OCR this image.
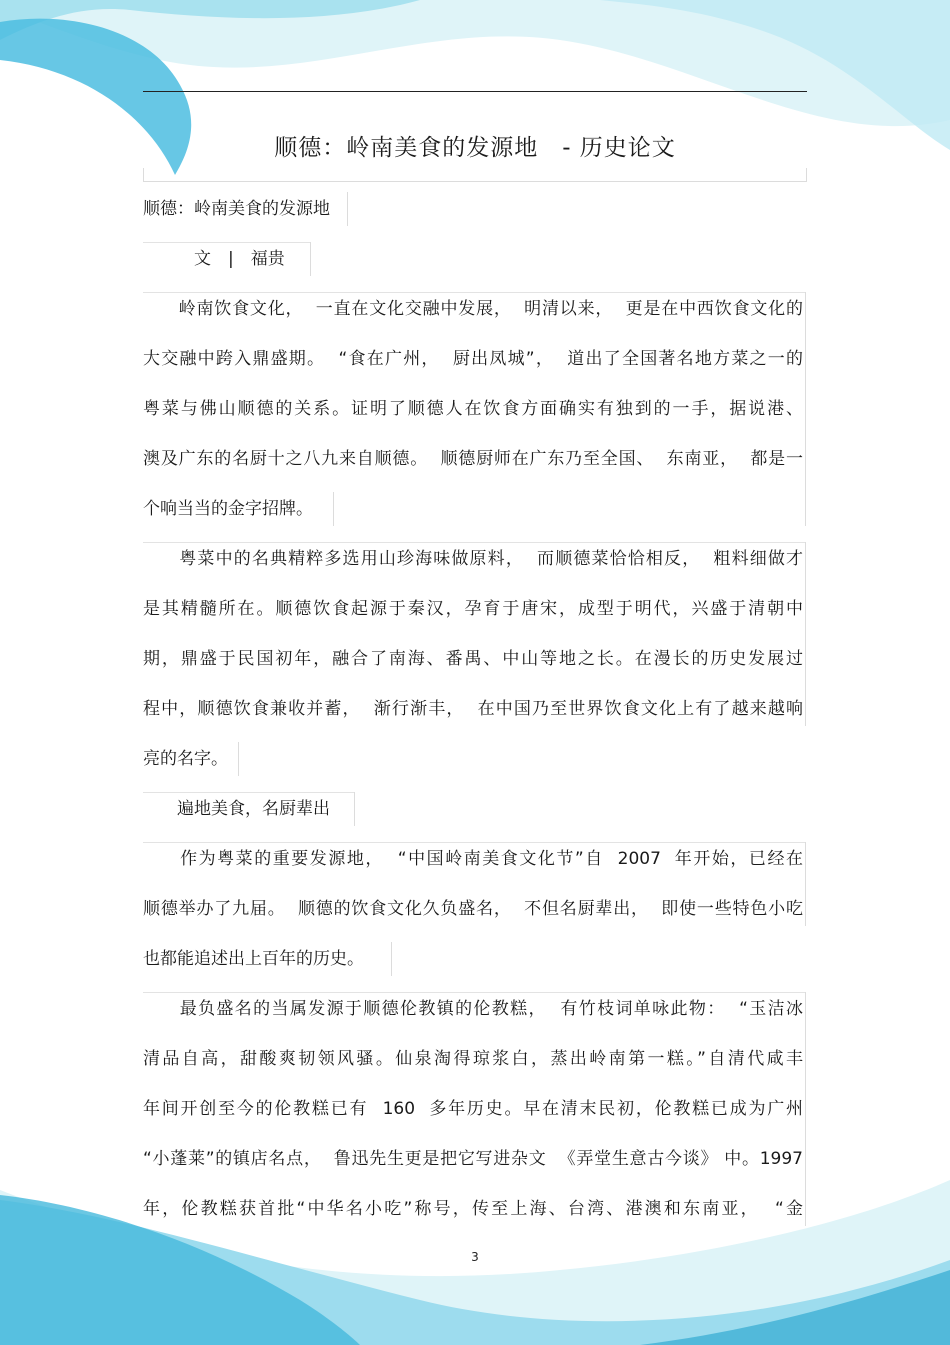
顺德：岭南美食的发源地　- 历史论文
顺德：岭南美食的发源地
　　　文　|　福贵
　　岭南饮食文化，  一直在文化交融中发展，  明清以来，  更是在中西饮食文化的
大交融中跨入鼎盛期。  “食在广州，  厨出凤城”，  道出了全国著名地方菜之一的
粤菜与佛山顺德的关系。证明了顺德人在饮食方面确实有独到的一手，据说港、
澳及广东的名厨十之八九来自顺德。  顺德厨师在广东乃至全国、  东南亚，  都是一
个响当当的金字招牌。
　　粤菜中的名典精粹多选用山珍海味做原料，  而顺德菜恰恰相反，  粗料细做才
是其精髓所在。顺德饮食起源于秦汉，孕育于唐宋，成型于明代，兴盛于清朝中
期，鼎盛于民国初年，融合了南海、番禺、中山等地之长。在漫长的历史发展过
程中，顺德饮食兼收并蓄，  渐行渐丰，  在中国乃至世界饮食文化上有了越来越响
亮的名字。
　　遍地美食，名厨辈出
　　作为粤菜的重要发源地，  “中国岭南美食文化节”自  2007  年开始，已经在
顺德举办了九届。  顺德的饮食文化久负盛名，  不但名厨辈出，  即使一些特色小吃
也都能追述出上百年的历史。
　　最负盛名的当属发源于顺德伦教镇的伦教糕，  有竹枝词单咏此物：  “玉洁冰
清品自高，甜酸爽韧领风骚。仙泉淘得琼浆白，蒸出岭南第一糕。”自清代咸丰
年间开创至今的伦教糕已有  160  多年历史。早在清末民初，伦教糕已成为广州
“小蓬莱”的镇店名点，  鲁迅先生更是把它写进杂文  《弄堂生意古今谈》 中。1997
年，伦教糕获首批“中华名小吃”称号，传至上海、台湾、港澳和东南亚，  “金
3
